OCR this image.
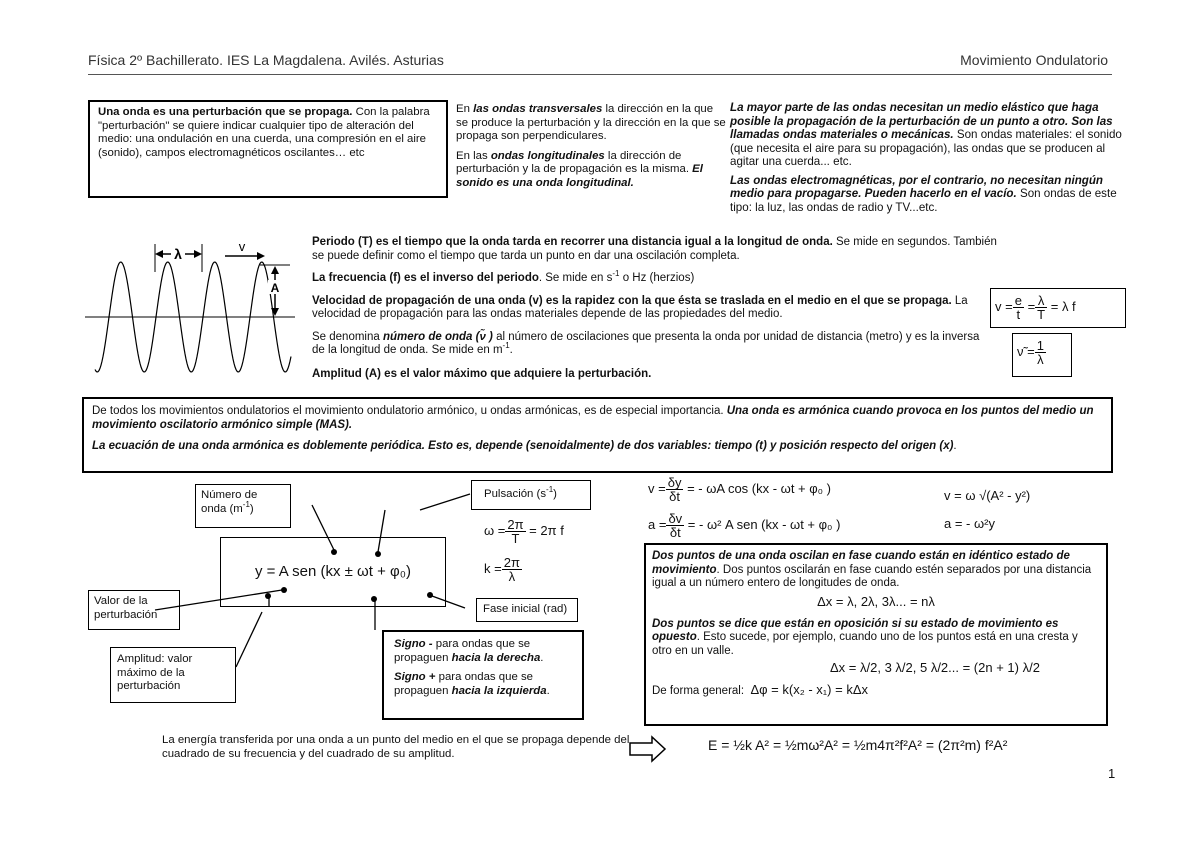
Física 2º Bachillerato. IES La Magdalena. Avilés. Asturias	Movimiento Ondulatorio
Una onda es una perturbación que se propaga. Con la palabra "perturbación" se quiere indicar cualquier tipo de alteración del medio: una ondulación en una cuerda, una compresión en el aire (sonido), campos electromagnéticos oscilantes… etc

En las ondas transversales la dirección en la que se produce la perturbación y la dirección en la que se propaga son perpendiculares.

En las ondas longitudinales la dirección de perturbación y la de propagación es la misma. El sonido es una onda longitudinal.

La mayor parte de las ondas necesitan un medio elástico que haga posible la propagación de la perturbación de un punto a otro. Son las llamadas ondas materiales o mecánicas. Son ondas materiales: el sonido (que necesita el aire para su propagación), las ondas que se producen al agitar una cuerda... etc.

Las ondas electromagnéticas, por el contrario, no necesitan ningún medio para propagarse. Pueden hacerlo en el vacío. Son ondas de este tipo: la luz, las ondas de radio y TV...etc.

λ	v
A

Periodo (T) es el tiempo que la onda tarda en recorrer una distancia igual a la longitud de onda. Se mide en segundos. También se puede definir como el tiempo que tarda un punto en dar una oscilación completa.

La frecuencia (f) es el inverso del periodo. Se mide en $s^{-1}$ o Hz (herzios)

Velocidad de propagación de una onda (v) es la rapidez con la que ésta se traslada en el medio en el que se propaga. La velocidad de propagación para las ondas materiales depende de las propiedades del medio.

Se denomina número de onda (ν̃ ) al número de oscilaciones que presenta la onda por unidad de distancia (metro) y es la inversa de la longitud de onda. Se mide en $m^{-1}$.

Amplitud (A) es el valor máximo que adquiere la perturbación.

$v = \frac{e}{t} = \frac{\lambda}{T} = \lambda$ f
ν̃ = $\frac{1}{\lambda}$

De todos los movimientos ondulatorios el movimiento ondulatorio armónico, u ondas armónicas, es de especial importancia. Una onda es armónica cuando provoca en los puntos del medio un movimiento oscilatorio armónico simple (MAS).

La ecuación de una onda armónica es doblemente periódica. Esto es, depende (senoidalmente) de dos variables: tiempo (t) y posición respecto del origen (x).

y = A sen (kx ± ωt + φ₀)
Número de onda $(m^{-1})$
Pulsación $(s^{-1})$
Valor de la perturbación
Amplitud: valor máximo de la perturbación
Fase inicial (rad)

Signo - para ondas que se propaguen hacia la derecha.

Signo + para ondas que se propaguen hacia la izquierda.

$\omega = \frac{2\pi}{T} = 2\pi$ f
$k = \frac{2\pi}{\lambda}$
$v = \frac{\delta y}{\delta t}$ = - ωA cos (kx - ωt + φ₀ )
$a = \frac{\delta v}{\delta t}$ = - ω² A sen (kx - ωt + φ₀ )
v = ω √(A² - y²)
a = - ω²y

Dos puntos de una onda oscilan en fase cuando están en idéntico estado de movimiento. Dos puntos oscilarán en fase cuando estén separados por una distancia igual a un número entero de longitudes de onda.

Δx = λ, 2λ, 3λ... = nλ

Dos puntos se dice que están en oposición si su estado de movimiento es opuesto. Esto sucede, por ejemplo, cuando uno de los puntos está en una cresta y otro en un valle.

Δx = λ/2, 3 λ/2, 5 λ/2... = (2n + 1) λ/2

De forma general: Δφ = k(x₂ - x₁) = kΔx

La energía transferida por una onda a un punto del medio en el que se propaga depende del cuadrado de su frecuencia y del cuadrado de su amplitud.
E = ½k A² = ½mω²A² = ½m4π²f²A² = (2π²m) f²A²
1
